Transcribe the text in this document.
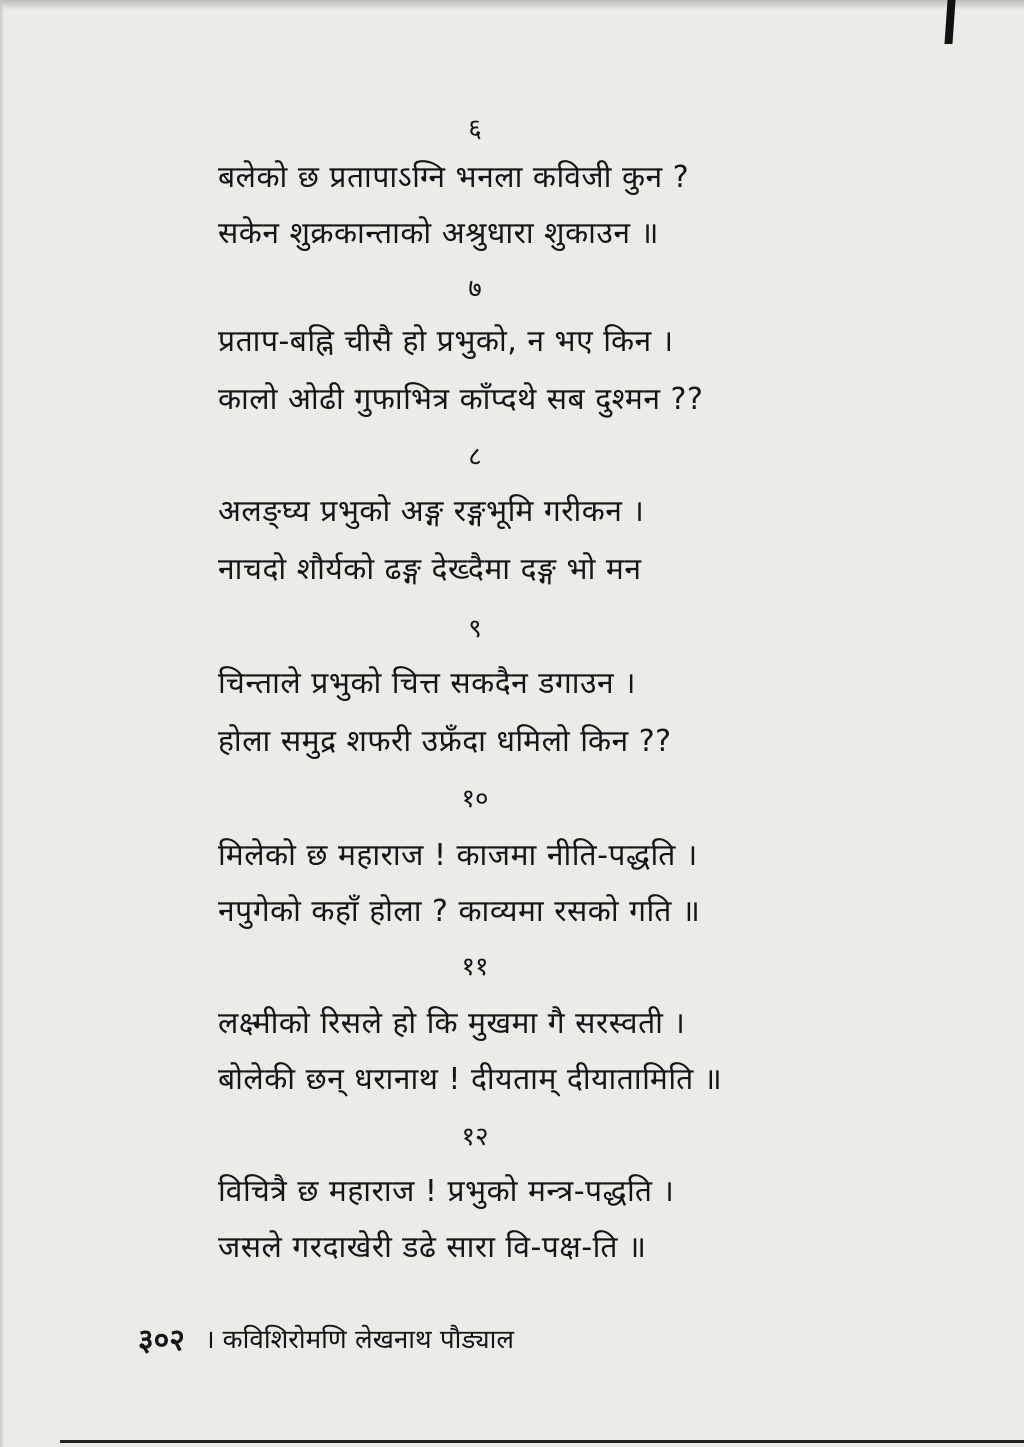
६
बलेको छ प्रतापाऽग्नि भनला कविजी कुन ?
सकेन शुक्रकान्ताको अश्रुधारा शुकाउन ॥
७
प्रताप-बह्नि चीसै हो प्रभुको, न भए किन ।
कालो ओढी गुफाभित्र काँप्दथे सब दुश्मन ??
८
अलङ्घ्य प्रभुको अङ्ग रङ्गभूमि गरीकन ।
नाचदो शौर्यको ढङ्ग देख्दैमा दङ्ग भो मन
९
चिन्ताले प्रभुको चित्त सकदैन डगाउन ।
होला समुद्र शफरी उफ्रँदा धमिलो किन ??
१०
मिलेको छ महाराज ! काजमा नीति-पद्धति ।
नपुगेको कहाँ होला ? काव्यमा रसको गति ॥
११
लक्ष्मीको रिसले हो कि मुखमा गै सरस्वती ।
बोलेकी छन् धरानाथ ! दीयताम् दीयातामिति ॥
१२
विचित्रै छ महाराज ! प्रभुको मन्त्र-पद्धति ।
जसले गरदाखेरी डढे सारा वि-पक्ष-ति ॥
३०२ । कविशिरोमणि लेखनाथ पौड्याल
